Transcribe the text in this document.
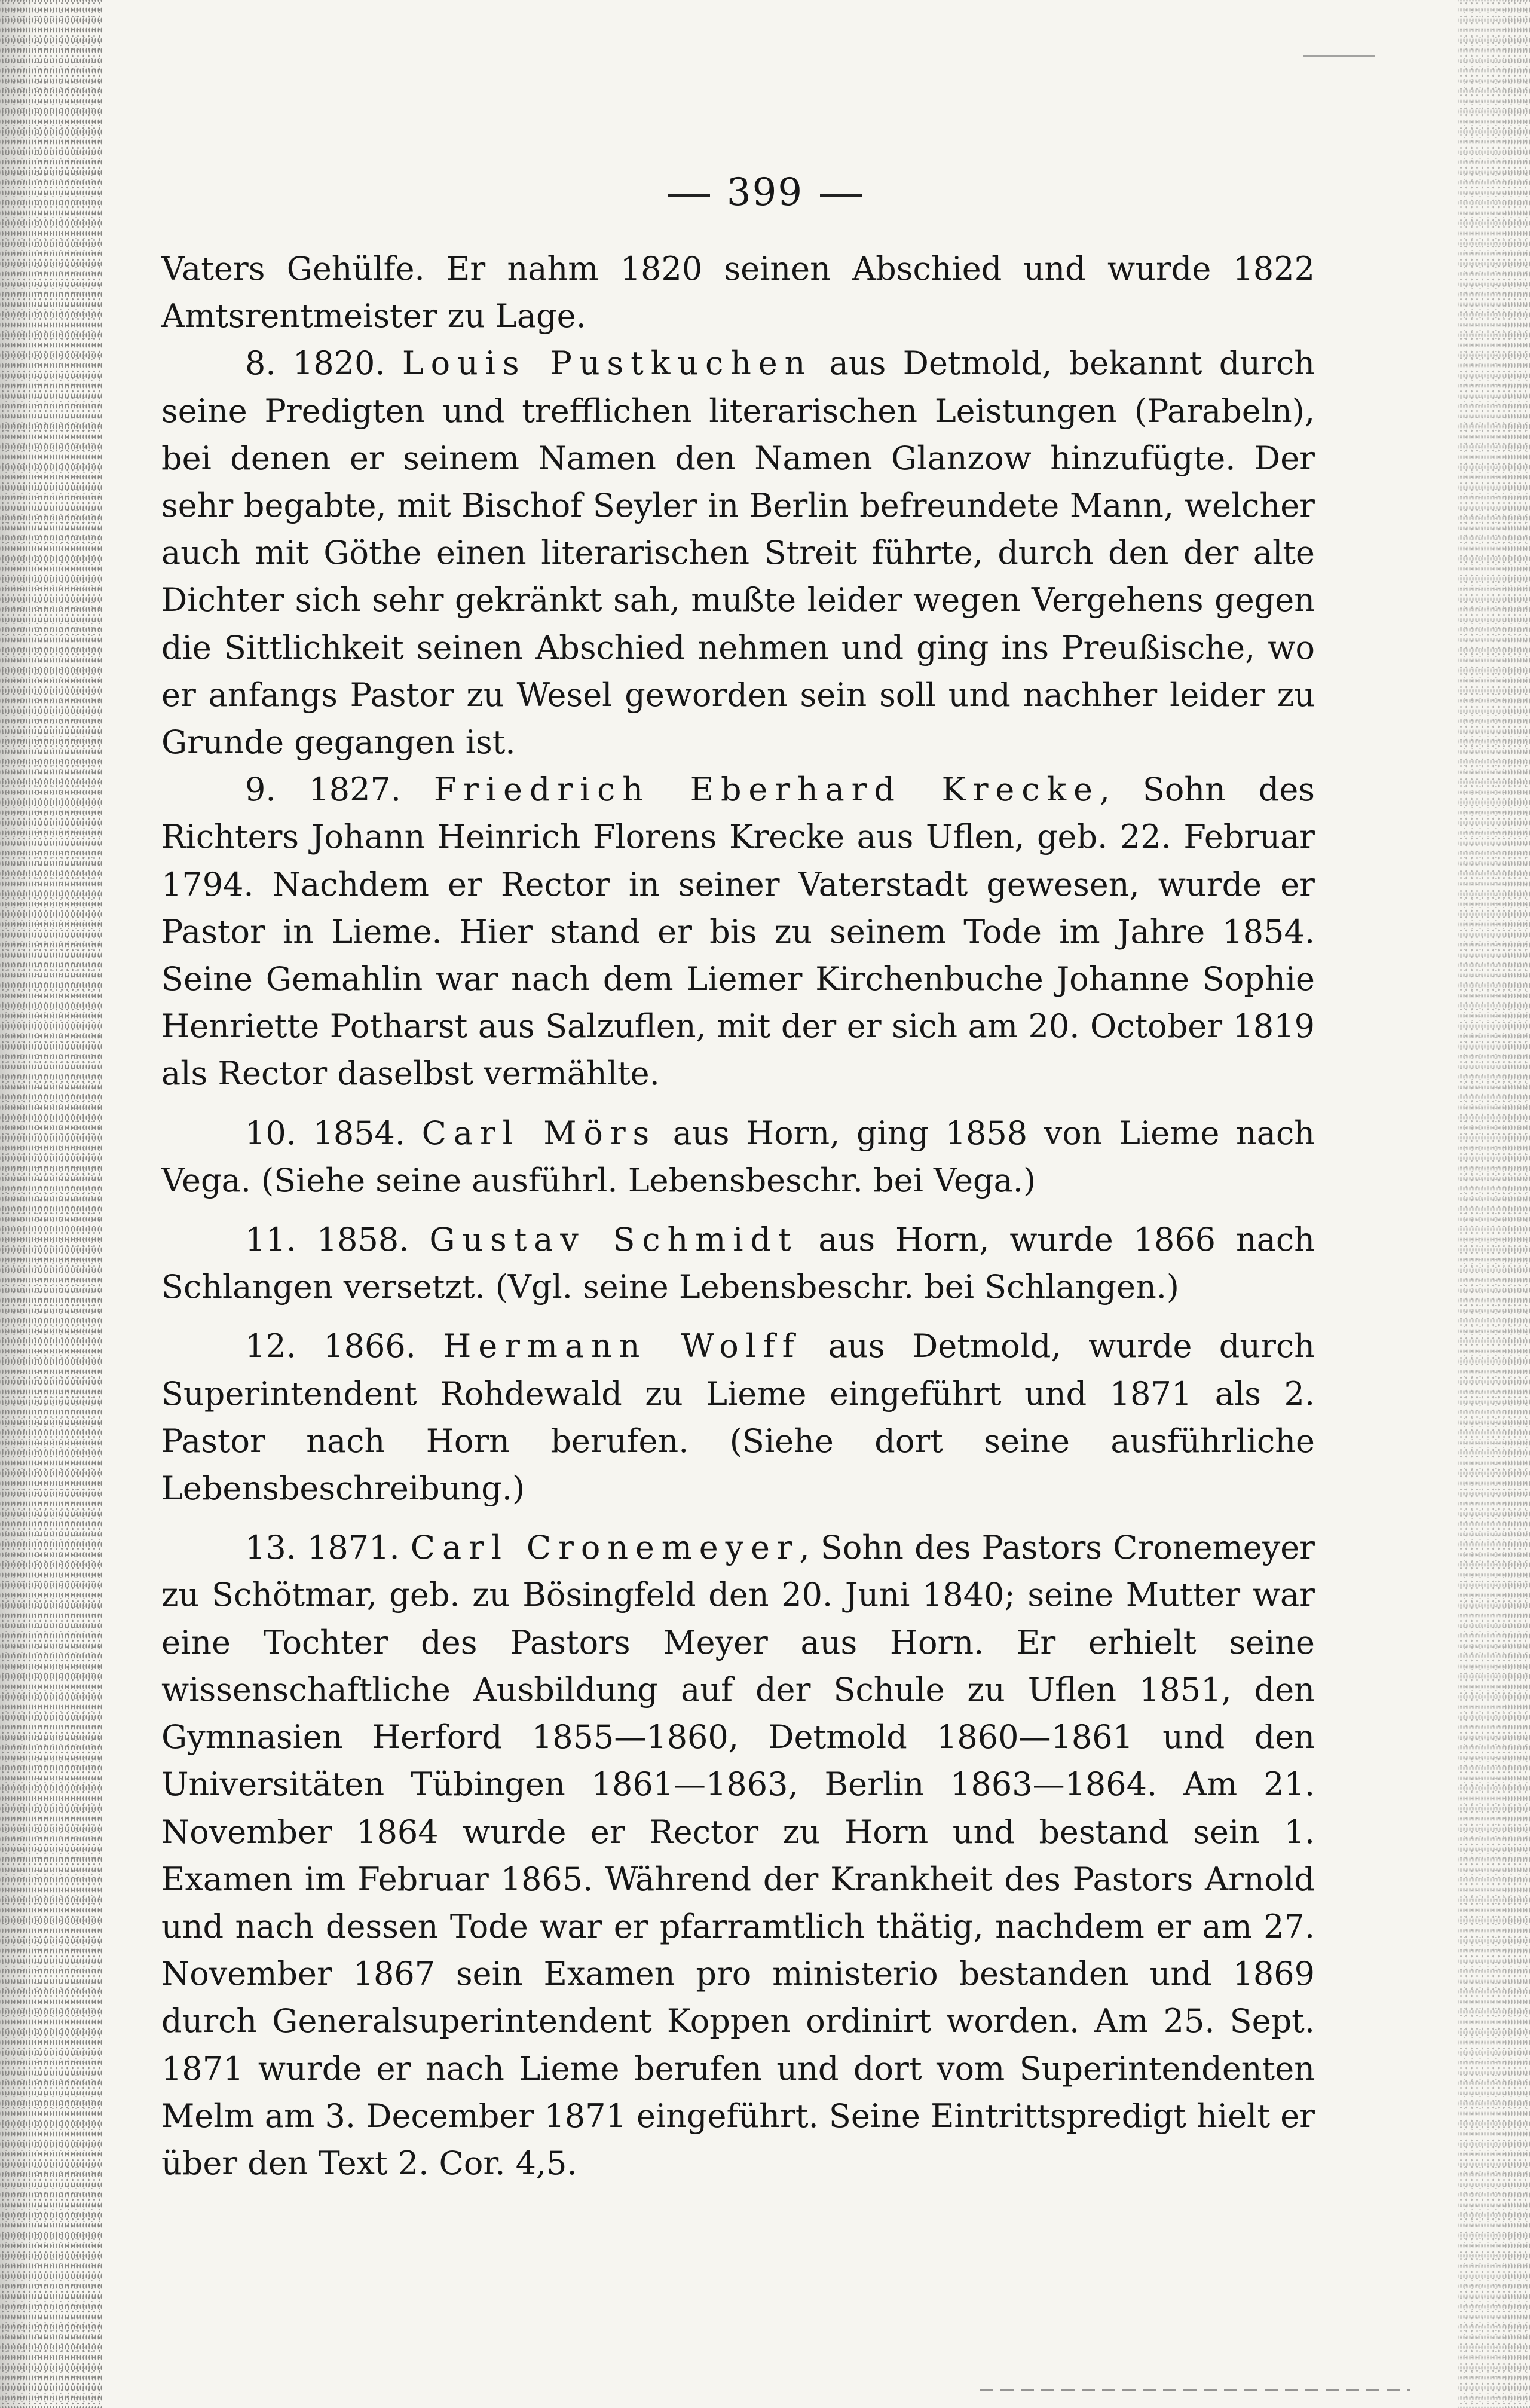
399

Vaters Gehülfe. Er nahm 1820 seinen Abschied und wurde 1822 Amtsrentmeister zu Lage.

8. 1820. Louis Pustkuchen aus Detmold, bekannt durch seine Predigten und trefflichen literarischen Leistungen (Parabeln), bei denen er seinem Namen den Namen Glanzow hinzufügte. Der sehr begabte, mit Bischof Seyler in Berlin befreundete Mann, welcher auch mit Göthe einen literarischen Streit führte, durch den der alte Dichter sich sehr gekränkt sah, mußte leider wegen Vergehens gegen die Sittlichkeit seinen Abschied nehmen und ging ins Preußische, wo er anfangs Pastor zu Wesel geworden sein soll und nachher leider zu Grunde gegangen ist.

9. 1827. Friedrich Eberhard Krecke, Sohn des Richters Johann Heinrich Florens Krecke aus Uflen, geb. 22. Februar 1794. Nachdem er Rector in seiner Vaterstadt gewesen, wurde er Pastor in Lieme. Hier stand er bis zu seinem Tode im Jahre 1854. Seine Gemahlin war nach dem Liemer Kirchenbuche Johanne Sophie Henriette Potharst aus Salzuflen, mit der er sich am 20. October 1819 als Rector daselbst vermählte.

10. 1854. Carl Mörs aus Horn, ging 1858 von Lieme nach Vega. (Siehe seine ausführl. Lebensbeschr. bei Vega.)

11. 1858. Gustav Schmidt aus Horn, wurde 1866 nach Schlangen versetzt. (Vgl. seine Lebensbeschr. bei Schlangen.)

12. 1866. Hermann Wolff aus Detmold, wurde durch Superintendent Rohdewald zu Lieme eingeführt und 1871 als 2. Pastor nach Horn berufen. (Siehe dort seine ausführliche Lebensbeschreibung.)

13. 1871. Carl Cronemeyer, Sohn des Pastors Cronemeyer zu Schötmar, geb. zu Bösingfeld den 20. Juni 1840; seine Mutter war eine Tochter des Pastors Meyer aus Horn. Er erhielt seine wissenschaftliche Ausbildung auf der Schule zu Uflen 1851, den Gymnasien Herford 1855—1860, Detmold 1860—1861 und den Universitäten Tübingen 1861—1863, Berlin 1863—1864. Am 21. November 1864 wurde er Rector zu Horn und bestand sein 1. Examen im Februar 1865. Während der Krankheit des Pastors Arnold und nach dessen Tode war er pfarramtlich thätig, nachdem er am 27. November 1867 sein Examen pro ministerio bestanden und 1869 durch Generalsuperintendent Koppen ordinirt worden. Am 25. Sept. 1871 wurde er nach Lieme berufen und dort vom Superintendenten Melm am 3. December 1871 eingeführt. Seine Eintrittspredigt hielt er über den Text 2. Cor. 4,5.
